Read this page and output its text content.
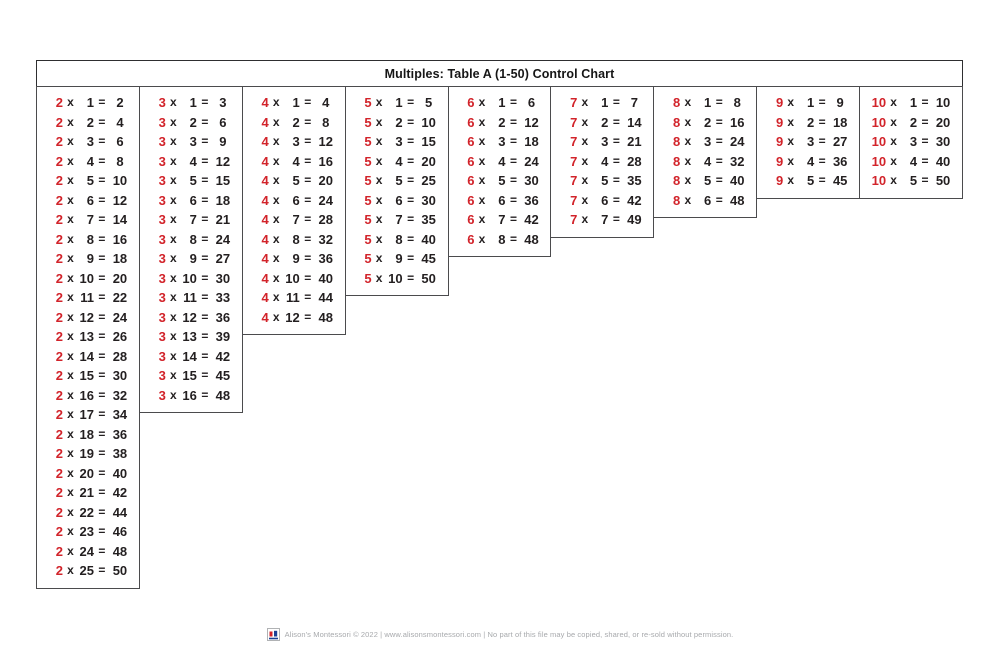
Multiples: Table A (1-50) Control Chart
2 x 1 = 2
2 x 2 = 4
2 x 3 = 6
2 x 4 = 8
2 x 5 = 10
2 x 6 = 12
2 x 7 = 14
2 x 8 = 16
2 x 9 = 18
2 x 10 = 20
2 x 11 = 22
2 x 12 = 24
2 x 13 = 26
2 x 14 = 28
2 x 15 = 30
2 x 16 = 32
2 x 17 = 34
2 x 18 = 36
2 x 19 = 38
2 x 20 = 40
2 x 21 = 42
2 x 22 = 44
2 x 23 = 46
2 x 24 = 48
2 x 25 = 50
3 x 1 = 3
3 x 2 = 6
3 x 3 = 9
3 x 4 = 12
3 x 5 = 15
3 x 6 = 18
3 x 7 = 21
3 x 8 = 24
3 x 9 = 27
3 x 10 = 30
3 x 11 = 33
3 x 12 = 36
3 x 13 = 39
3 x 14 = 42
3 x 15 = 45
3 x 16 = 48
4 x 1 = 4
4 x 2 = 8
4 x 3 = 12
4 x 4 = 16
4 x 5 = 20
4 x 6 = 24
4 x 7 = 28
4 x 8 = 32
4 x 9 = 36
4 x 10 = 40
4 x 11 = 44
4 x 12 = 48
5 x 1 = 5
5 x 2 = 10
5 x 3 = 15
5 x 4 = 20
5 x 5 = 25
5 x 6 = 30
5 x 7 = 35
5 x 8 = 40
5 x 9 = 45
5 x 10 = 50
6 x 1 = 6
6 x 2 = 12
6 x 3 = 18
6 x 4 = 24
6 x 5 = 30
6 x 6 = 36
6 x 7 = 42
6 x 8 = 48
7 x 1 = 7
7 x 2 = 14
7 x 3 = 21
7 x 4 = 28
7 x 5 = 35
7 x 6 = 42
7 x 7 = 49
8 x 1 = 8
8 x 2 = 16
8 x 3 = 24
8 x 4 = 32
8 x 5 = 40
8 x 6 = 48
9 x 1 = 9
9 x 2 = 18
9 x 3 = 27
9 x 4 = 36
9 x 5 = 45
10 x 1 = 10
10 x 2 = 20
10 x 3 = 30
10 x 4 = 40
10 x 5 = 50
Alison's Montessori © 2022 | www.alisonsmontessori.com | No part of this file may be copied, shared, or re-sold without permission.
